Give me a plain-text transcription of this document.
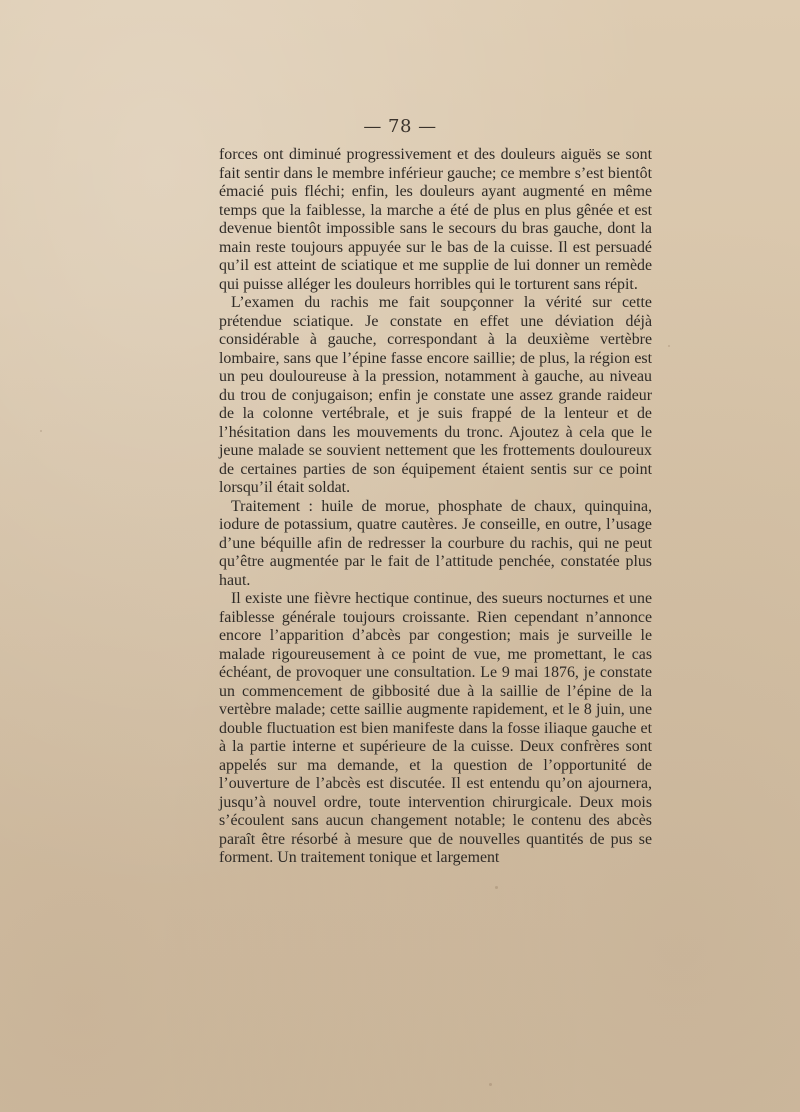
— 78 —

forces ont diminué progressivement et des douleurs aiguës se sont fait sentir dans le membre inférieur gauche; ce membre s’est bientôt émacié puis fléchi; enfin, les douleurs ayant augmenté en même temps que la faiblesse, la marche a été de plus en plus gênée et est devenue bientôt impossible sans le secours du bras gauche, dont la main reste toujours appuyée sur le bas de la cuisse. Il est persuadé qu’il est atteint de sciatique et me supplie de lui donner un remède qui puisse alléger les douleurs horribles qui le torturent sans répit.

L’examen du rachis me fait soupçonner la vérité sur cette prétendue sciatique. Je constate en effet une déviation déjà considérable à gauche, correspondant à la deuxième vertèbre lombaire, sans que l’épine fasse encore saillie; de plus, la région est un peu douloureuse à la pression, notamment à gauche, au niveau du trou de conjugaison; enfin je constate une assez grande raideur de la colonne vertébrale, et je suis frappé de la lenteur et de l’hésitation dans les mouvements du tronc. Ajoutez à cela que le jeune malade se souvient nettement que les frottements douloureux de certaines parties de son équipement étaient sentis sur ce point lorsqu’il était soldat.

Traitement : huile de morue, phosphate de chaux, quinquina, iodure de potassium, quatre cautères. Je conseille, en outre, l’usage d’une béquille afin de redresser la courbure du rachis, qui ne peut qu’être augmentée par le fait de l’attitude penchée, constatée plus haut.

Il existe une fièvre hectique continue, des sueurs nocturnes et une faiblesse générale toujours croissante. Rien cependant n’annonce encore l’apparition d’abcès par congestion; mais je surveille le malade rigoureusement à ce point de vue, me promettant, le cas échéant, de provoquer une consultation. Le 9 mai 1876, je constate un commencement de gibbosité due à la saillie de l’épine de la vertèbre malade; cette saillie augmente rapidement, et le 8 juin, une double fluctuation est bien manifeste dans la fosse iliaque gauche et à la partie interne et supérieure de la cuisse. Deux confrères sont appelés sur ma demande, et la question de l’opportunité de l’ouverture de l’abcès est discutée. Il est entendu qu’on ajournera, jusqu’à nouvel ordre, toute intervention chirurgicale. Deux mois s’écoulent sans aucun changement notable; le contenu des abcès paraît être résorbé à mesure que de nouvelles quantités de pus se forment. Un traitement tonique et largement
